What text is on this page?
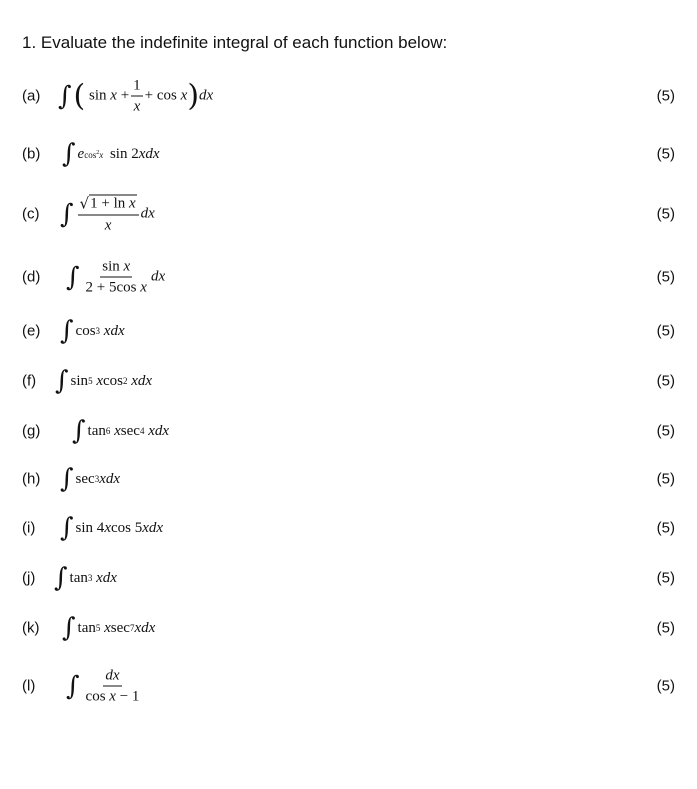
1. Evaluate the indefinite integral of each function below:
(a) ∫ ( $\sin x + \frac{1}{x} + \cos x$ ) dx	(5)
(b) ∫ e $\cos^2x$ sin 2 xdx	(5)
(c) ∫ $\frac{\text{√ 1 + ln x}}{x}$ dx	(5)
(d) ∫ $\frac{\text{sin x}}{\text{2 + 5cos x}}$ dx	(5)
(e) ∫ cos 3
xdx	(5)
(f) ∫ sin 5
x cos 2
xdx	(5)
(g) ∫ tan 6
x sec 4
xdx	(5)
(h) ∫ sec 3 xdx	(5)
(i) ∫ sin 4 x cos 5 xdx	(5)
(j) ∫ tan 3
xdx	(5)
(k) ∫ tan 5
x sec 7 xdx	(5)
(l) ∫ $\frac{dx}{\text{cos x − 1}}$	(5)
